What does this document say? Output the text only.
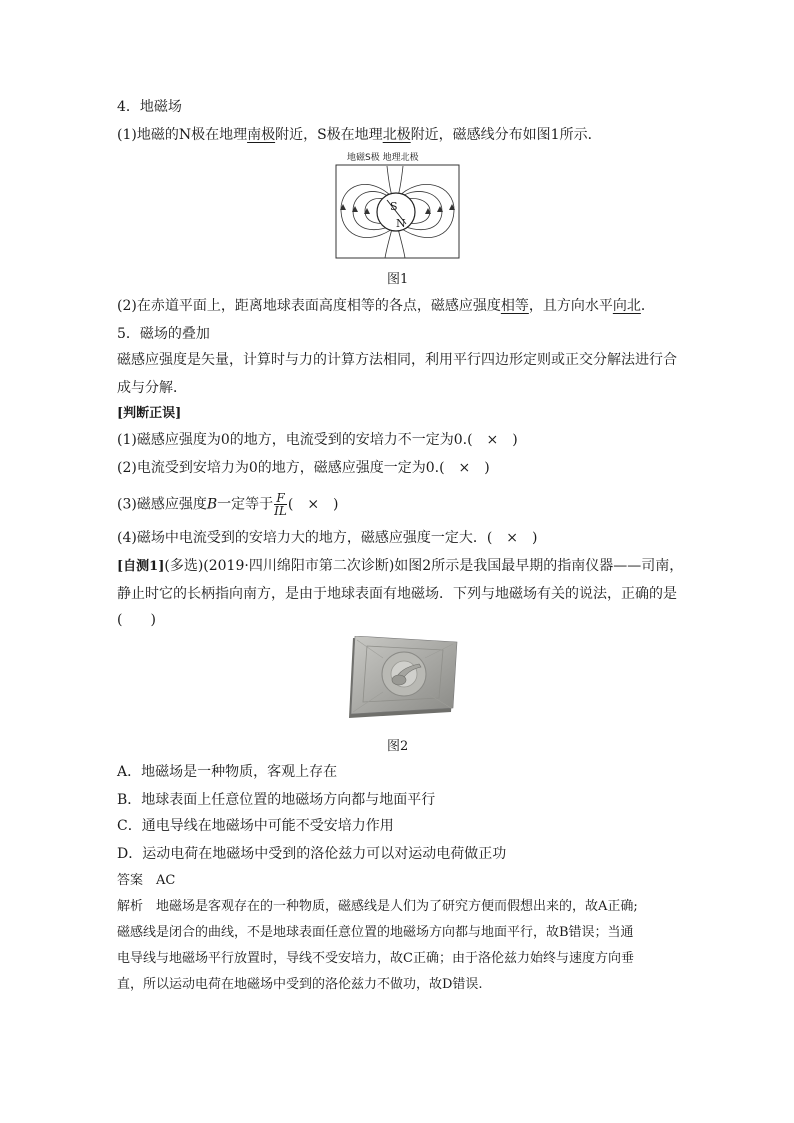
4．地磁场
(1)地磁的N极在地理南极附近，S极在地理北极附近，磁感线分布如图1所示．
地磁S极 地理北极
S
N
图1
(2)在赤道平面上，距离地球表面高度相等的各点，磁感应强度相等，且方向水平向北．
5．磁场的叠加
磁感应强度是矢量，计算时与力的计算方法相同，利用平行四边形定则或正交分解法进行合
成与分解．
[判断正误]
(1)磁感应强度为0的地方，电流受到的安培力不一定为0.(　×　)
(2)电流受到安培力为0的地方，磁感应强度一定为0.(　×　)
(3)磁感应强度B一定等于 $\frac{F}{IL}$ (　×　)
(4)磁场中电流受到的安培力大的地方，磁感应强度一定大．(　×　)
[自测1](多选)(2019·四川绵阳市第二次诊断)如图2所示是我国最早期的指南仪器——司南，
静止时它的长柄指向南方，是由于地球表面有地磁场．下列与地磁场有关的说法，正确的是
(　　)
图2
A．地磁场是一种物质，客观上存在
B．地球表面上任意位置的地磁场方向都与地面平行
C．通电导线在地磁场中可能不受安培力作用
D．运动电荷在地磁场中受到的洛伦兹力可以对运动电荷做正功
答案　AC
解析　地磁场是客观存在的一种物质，磁感线是人们为了研究方便而假想出来的，故A正确;
磁感线是闭合的曲线，不是地球表面任意位置的地磁场方向都与地面平行，故B错误；当通
电导线与地磁场平行放置时，导线不受安培力，故C正确；由于洛伦兹力始终与速度方向垂
直，所以运动电荷在地磁场中受到的洛伦兹力不做功，故D错误.
